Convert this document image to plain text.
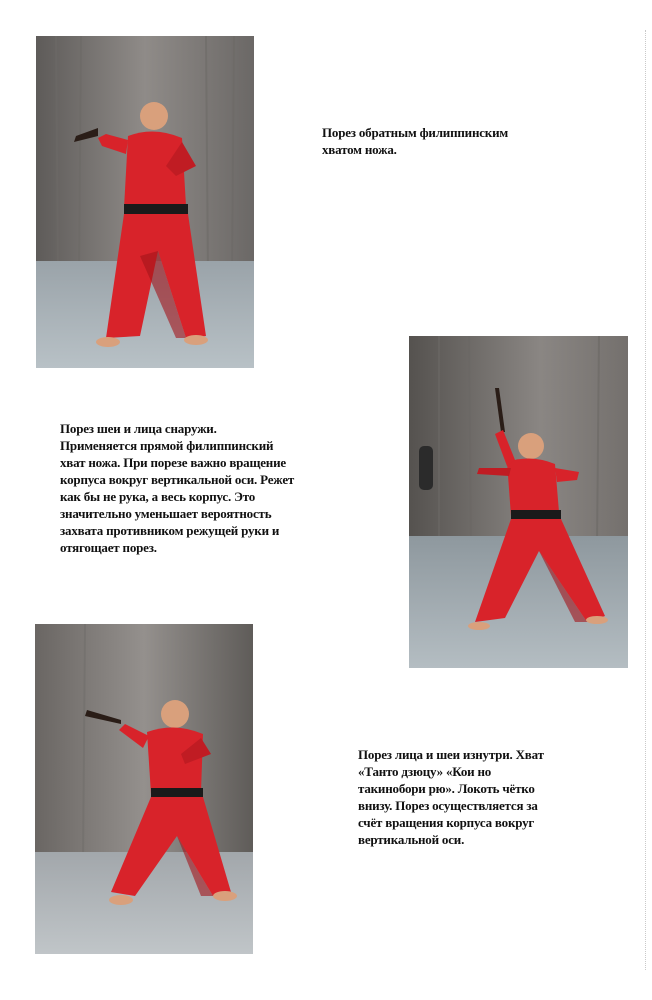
Порез обратным филиппинским
хватом ножа.
Порез шеи и лица снаружи.
Применяется прямой филиппинский
хват ножа. При порезе важно вращение
корпуса вокруг вертикальной оси. Режет
как бы не рука, а весь корпус. Это
значительно уменьшает вероятность
захвата противником режущей руки и
отягощает порез.
Порез лица и шеи изнутри. Хват
«Танто дзюцу» «Кои но
такинобори рю». Локоть чётко
внизу. Порез осуществляется за
счёт вращения корпуса вокруг
вертикальной оси.
